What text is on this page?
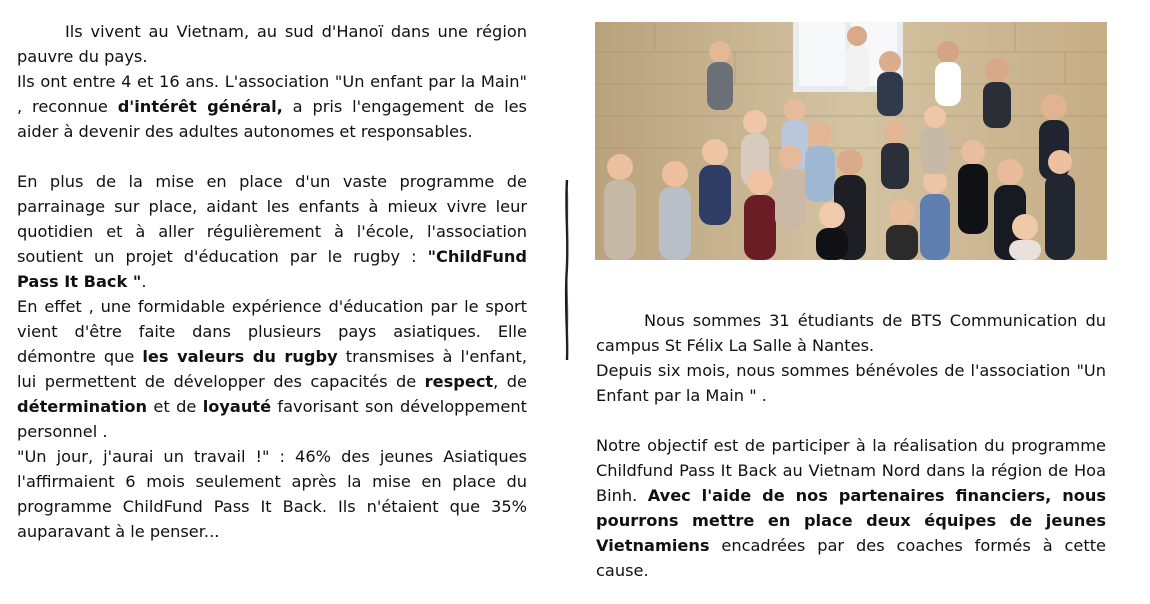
Ils vivent au Vietnam, au sud d'Hanoï dans une région pauvre du pays.

Ils ont entre 4 et 16 ans. L'association "Un enfant par la Main" , reconnue d'intérêt général, a pris l'engagement de les aider à devenir des adultes autonomes et responsables.

En plus de la mise en place d'un vaste programme de parrainage sur place, aidant les enfants à mieux vivre leur quotidien et à aller régulièrement à l'école, l'association soutient un projet d'éducation par le rugby : "ChildFund Pass It Back ".

En effet , une formidable expérience d'éducation par le sport vient d'être faite dans plusieurs pays asiatiques. Elle démontre que les valeurs du rugby transmises à l'enfant, lui permettent de développer des capacités de respect, de détermination et de loyauté favorisant son développement personnel .

"Un jour, j'aurai un travail !" : 46% des jeunes Asiatiques l'affirmaient 6 mois seulement après la mise en place du programme ChildFund Pass It Back. Ils n'étaient que 35% auparavant à le penser...

Nous sommes 31 étudiants de BTS Communication du campus St Félix La Salle à Nantes.

Depuis six mois, nous sommes bénévoles de l'association "Un Enfant par la Main " .

Notre objectif est de participer à la réalisation du programme Childfund Pass It Back au Vietnam Nord dans la région de Hoa Binh. Avec l'aide de nos partenaires financiers, nous pourrons mettre en place deux équipes de jeunes Vietnamiens encadrées par des coaches formés à cette cause.
